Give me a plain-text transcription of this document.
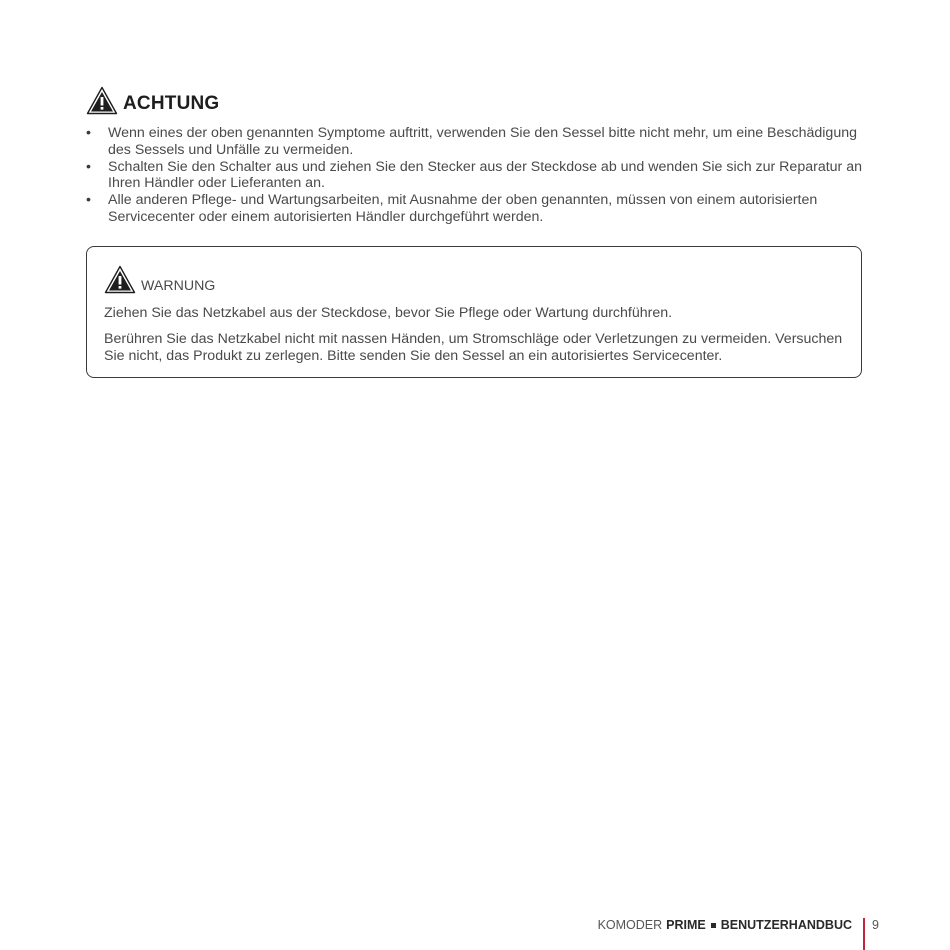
ACHTUNG
• Wenn eines der oben genannten Symptome auftritt, verwenden Sie den Sessel bitte nicht mehr, um eine Beschädigung des Sessels und Unfälle zu vermeiden.
• Schalten Sie den Schalter aus und ziehen Sie den Stecker aus der Steckdose ab und wenden Sie sich zur Reparatur an Ihren Händler oder Lieferanten an.
• Alle anderen Pflege- und Wartungsarbeiten, mit Ausnahme der oben genannten, müssen von einem autorisierten Servicecenter oder einem autorisierten Händler durchgeführt werden.
WARNUNG

Ziehen Sie das Netzkabel aus der Steckdose, bevor Sie Pflege oder Wartung durchführen.

Berühren Sie das Netzkabel nicht mit nassen Händen, um Stromschläge oder Verletzungen zu vermeiden. Versuchen Sie nicht, das Produkt zu zerlegen. Bitte senden Sie den Sessel an ein autorisiertes Servicecenter.

KOMODER PRIME BENUTZERHANDBUC 9
